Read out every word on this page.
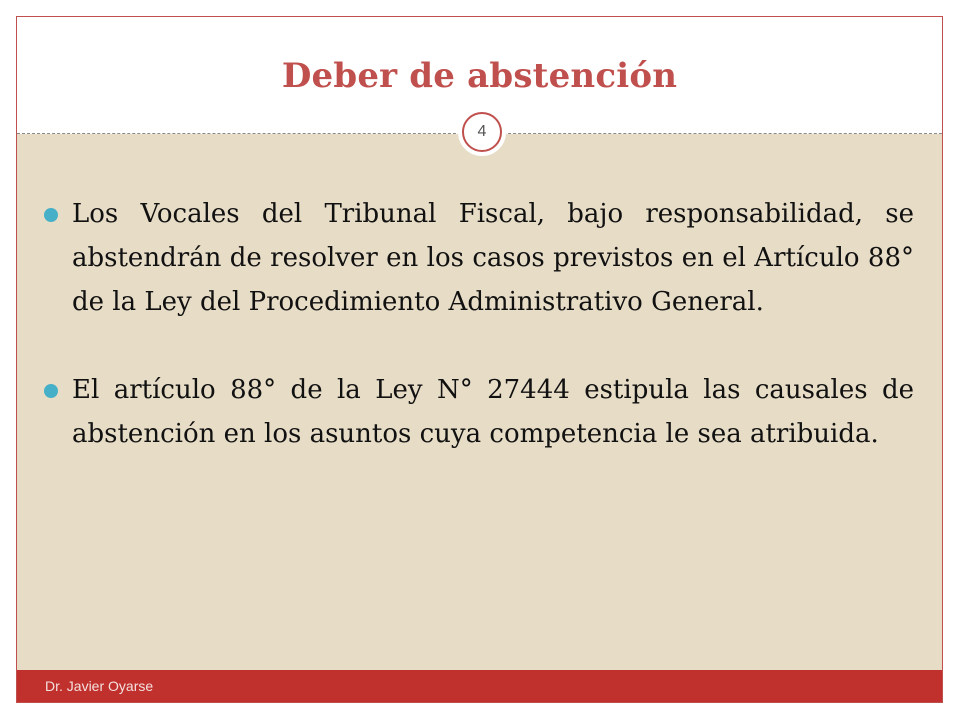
Deber de abstención
4
Los Vocales del Tribunal Fiscal, bajo responsabilidad, se abstendrán de resolver en los casos previstos en el Artículo 88° de la Ley del Procedimiento Administrativo General.
El artículo 88° de la Ley N° 27444 estipula las causales de abstención en los asuntos cuya competencia le sea atribuida.
Dr. Javier Oyarse
